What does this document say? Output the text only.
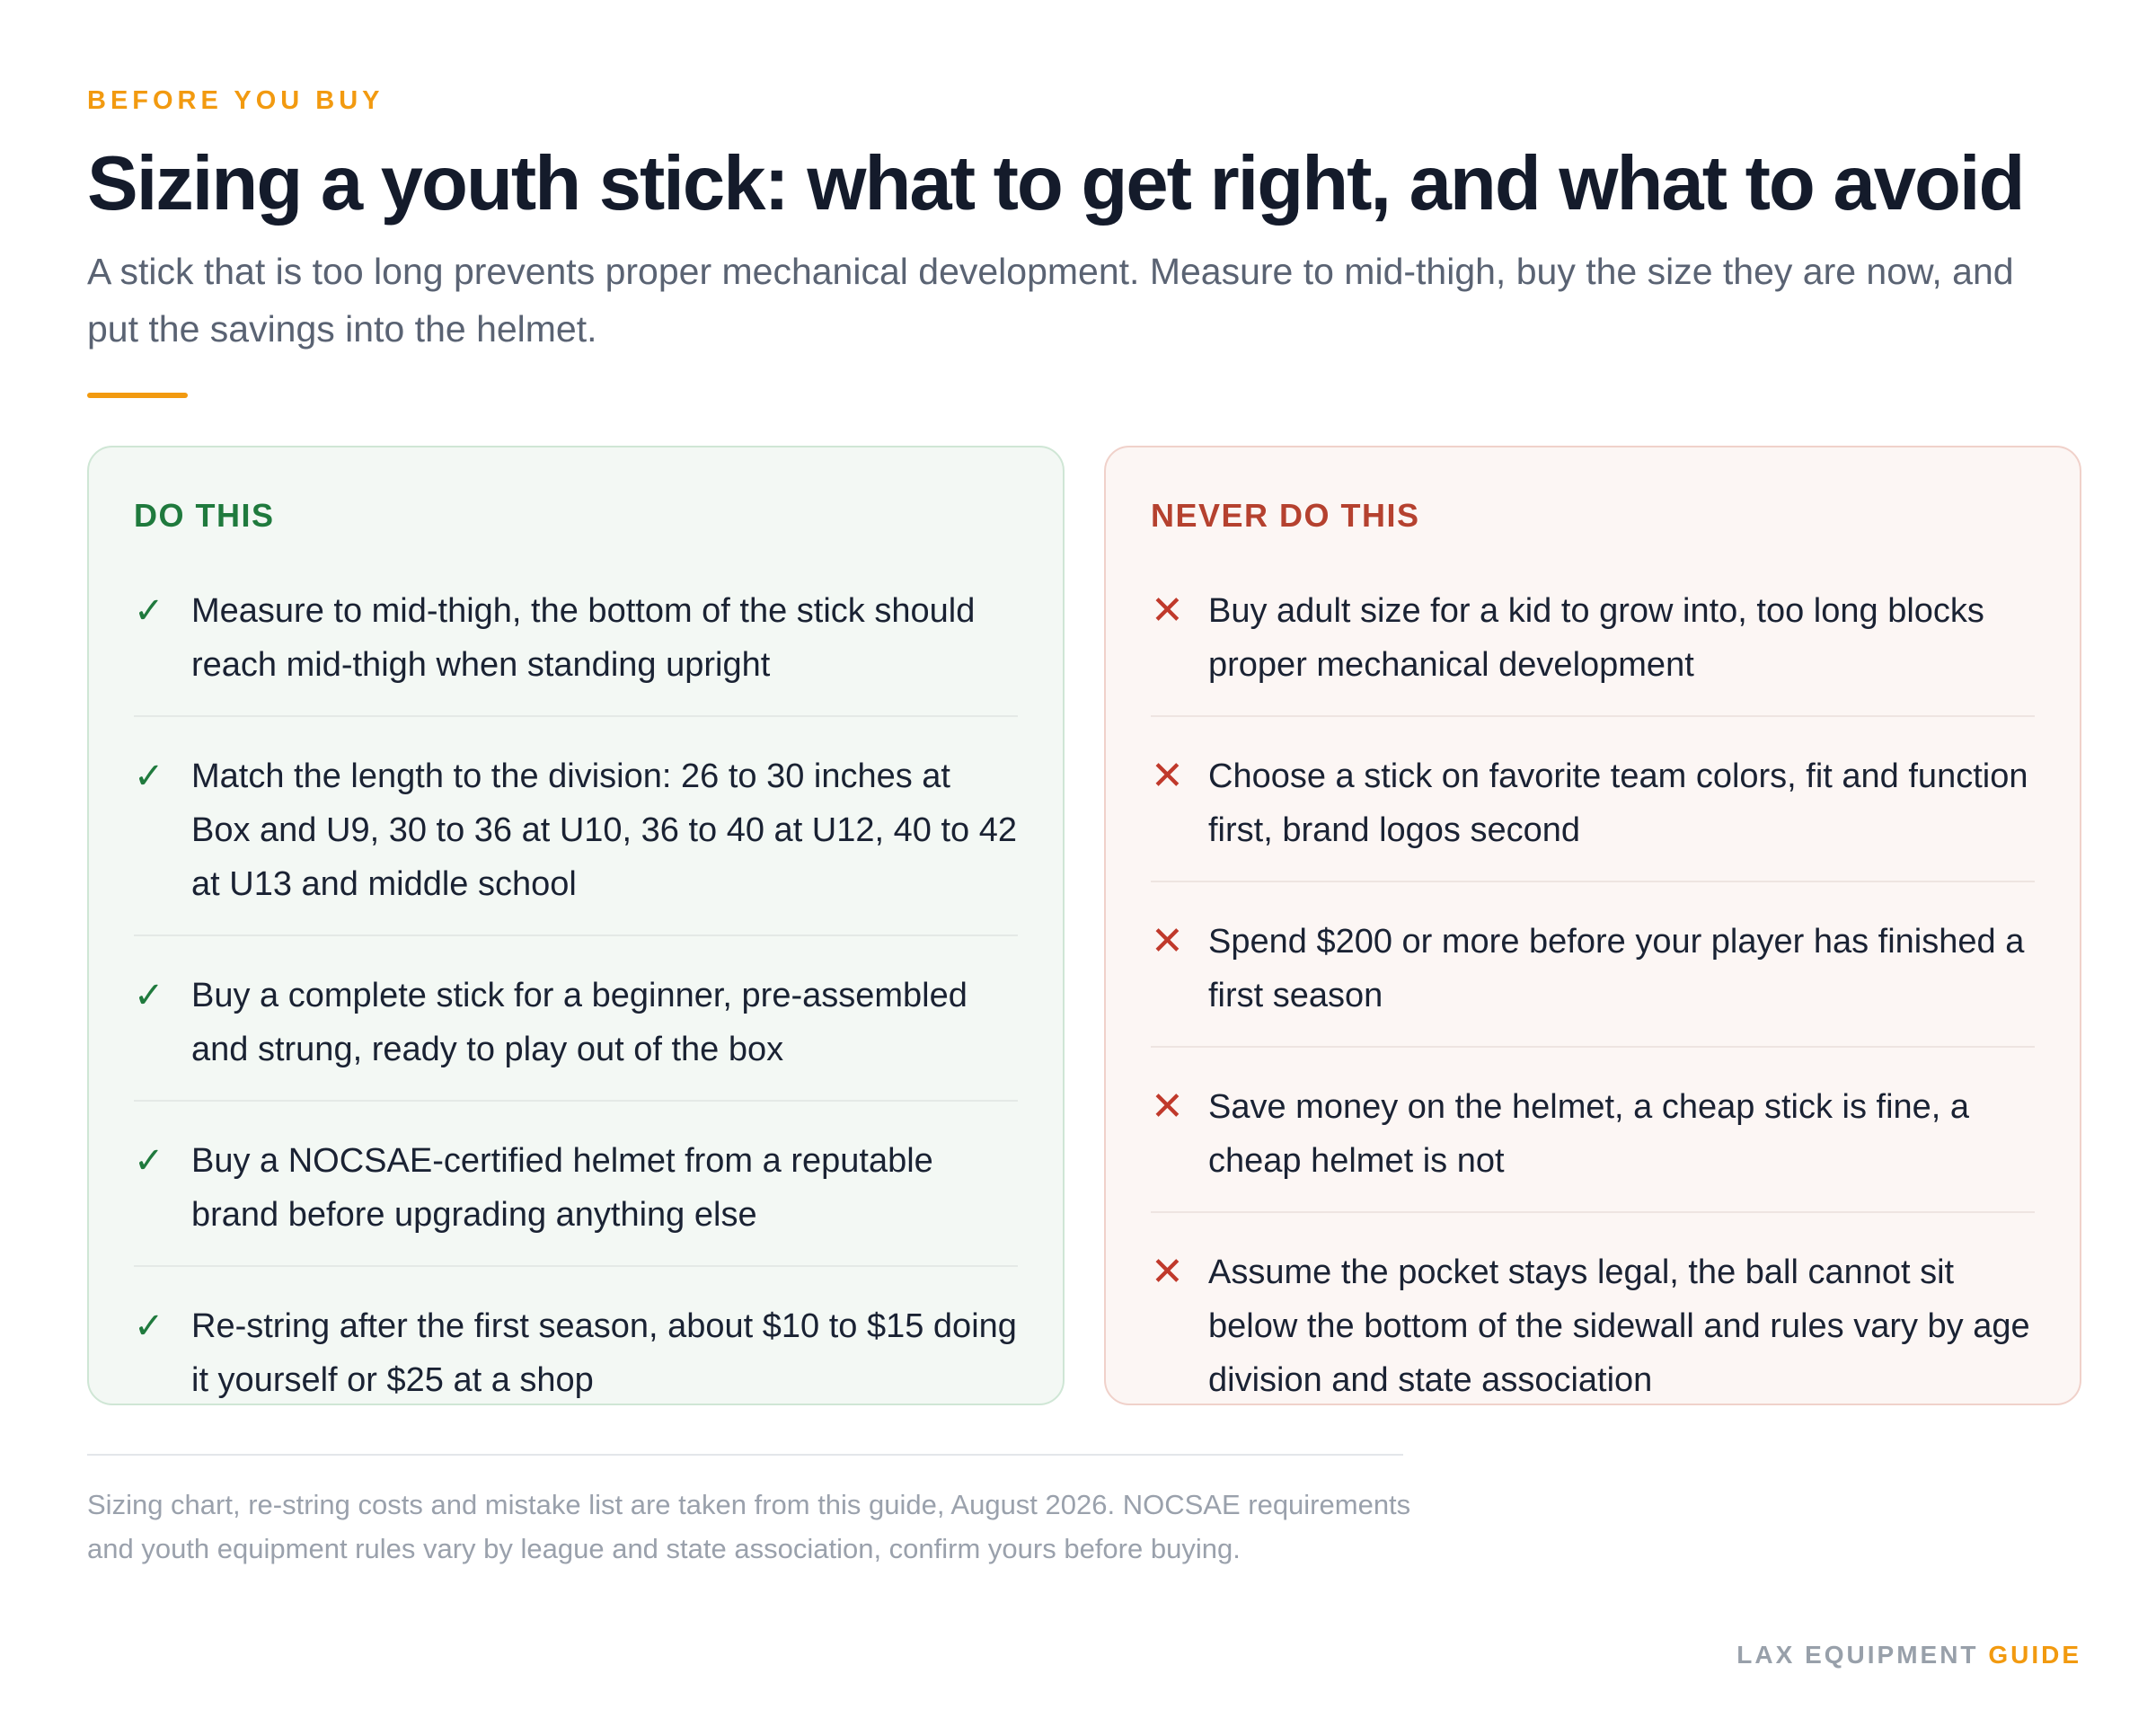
BEFORE YOU BUY
Sizing a youth stick: what to get right, and what to avoid

A stick that is too long prevents proper mechanical development. Measure to mid-thigh, buy the size they are now, and put the savings into the helmet.

DO THIS
✓ Measure to mid-thigh, the bottom of the stick should reach mid-thigh when standing upright
✓ Match the length to the division: 26 to 30 inches at Box and U9, 30 to 36 at U10, 36 to 40 at U12, 40 to 42 at U13 and middle school
✓ Buy a complete stick for a beginner, pre-assembled and strung, ready to play out of the box
✓ Buy a NOCSAE-certified helmet from a reputable brand before upgrading anything else
✓ Re-string after the first season, about $10 to $15 doing it yourself or $25 at a shop
NEVER DO THIS
✕ Buy adult size for a kid to grow into, too long blocks proper mechanical development
✕ Choose a stick on favorite team colors, fit and function first, brand logos second
✕ Spend $200 or more before your player has finished a first season
✕ Save money on the helmet, a cheap stick is fine, a cheap helmet is not
✕ Assume the pocket stays legal, the ball cannot sit below the bottom of the sidewall and rules vary by age division and state association

Sizing chart, re-string costs and mistake list are taken from this guide, August 2026. NOCSAE requirements and youth equipment rules vary by league and state association, confirm yours before buying.

LAX EQUIPMENT GUIDE
